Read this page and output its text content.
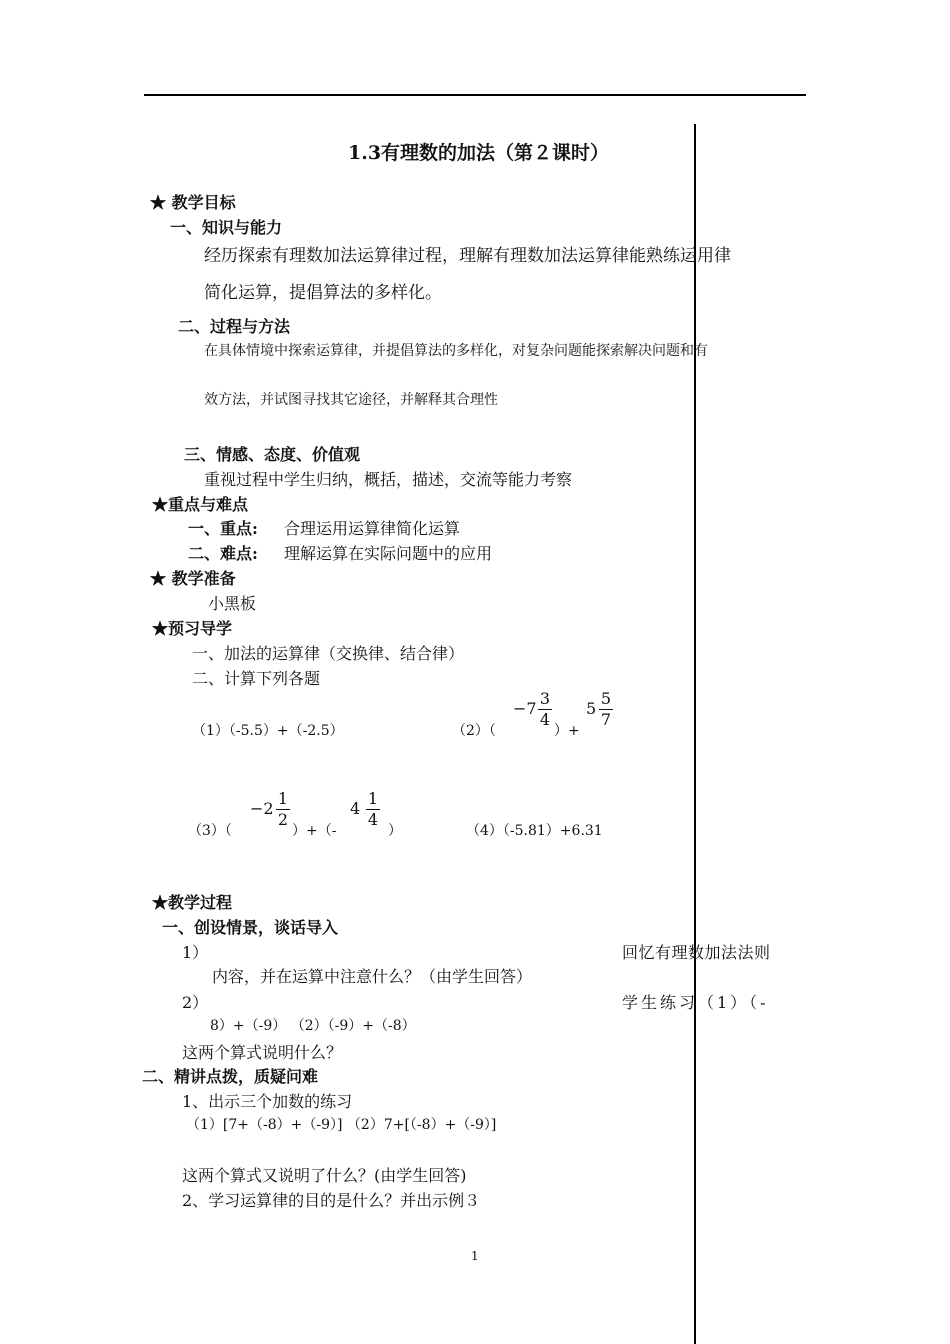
1.3有理数的加法（第２课时）
★ 教学目标
一、知识与能力
经历探索有理数加法运算律过程，理解有理数加法运算律能熟练运用律
简化运算，提倡算法的多样化。
二、过程与方法
在具体情境中探索运算律，并提倡算法的多样化，对复杂问题能探索解决问题和有
效方法，并试图寻找其它途径，并解释其合理性
三、情感、态度、价值观
重视过程中学生归纳，概括，描述，交流等能力考察
★重点与难点
一、重点: 合理运用运算律简化运算
二、难点: 理解运算在实际问题中的应用
★ 教学准备
小黑板
★预习导学
一、加法的运算律（交换律、结合律）
二、计算下列各题
（1）（-5.5）+（-2.5）	（2）（
−7
3
4
）+
5
5
7
（3）（
−2
1
2
）+（-
4
1
4
）	（4）（-5.81）+6.31
★教学过程
一、创设情景，谈话导入
1）	回忆有理数加法法则
内容，并在运算中注意什么？（由学生回答）
2）	学生练习（1）（-
8）+（-9） （2）（-9）+（-8）
这两个算式说明什么？
二、精讲点拨，质疑问难
1、出示三个加数的练习
（1）[7+（-8）+（-9）] （2）7+[（-8）+（-9）]
这两个算式又说明了什么？(由学生回答)
2、学习运算律的目的是什么？并出示例３
1
